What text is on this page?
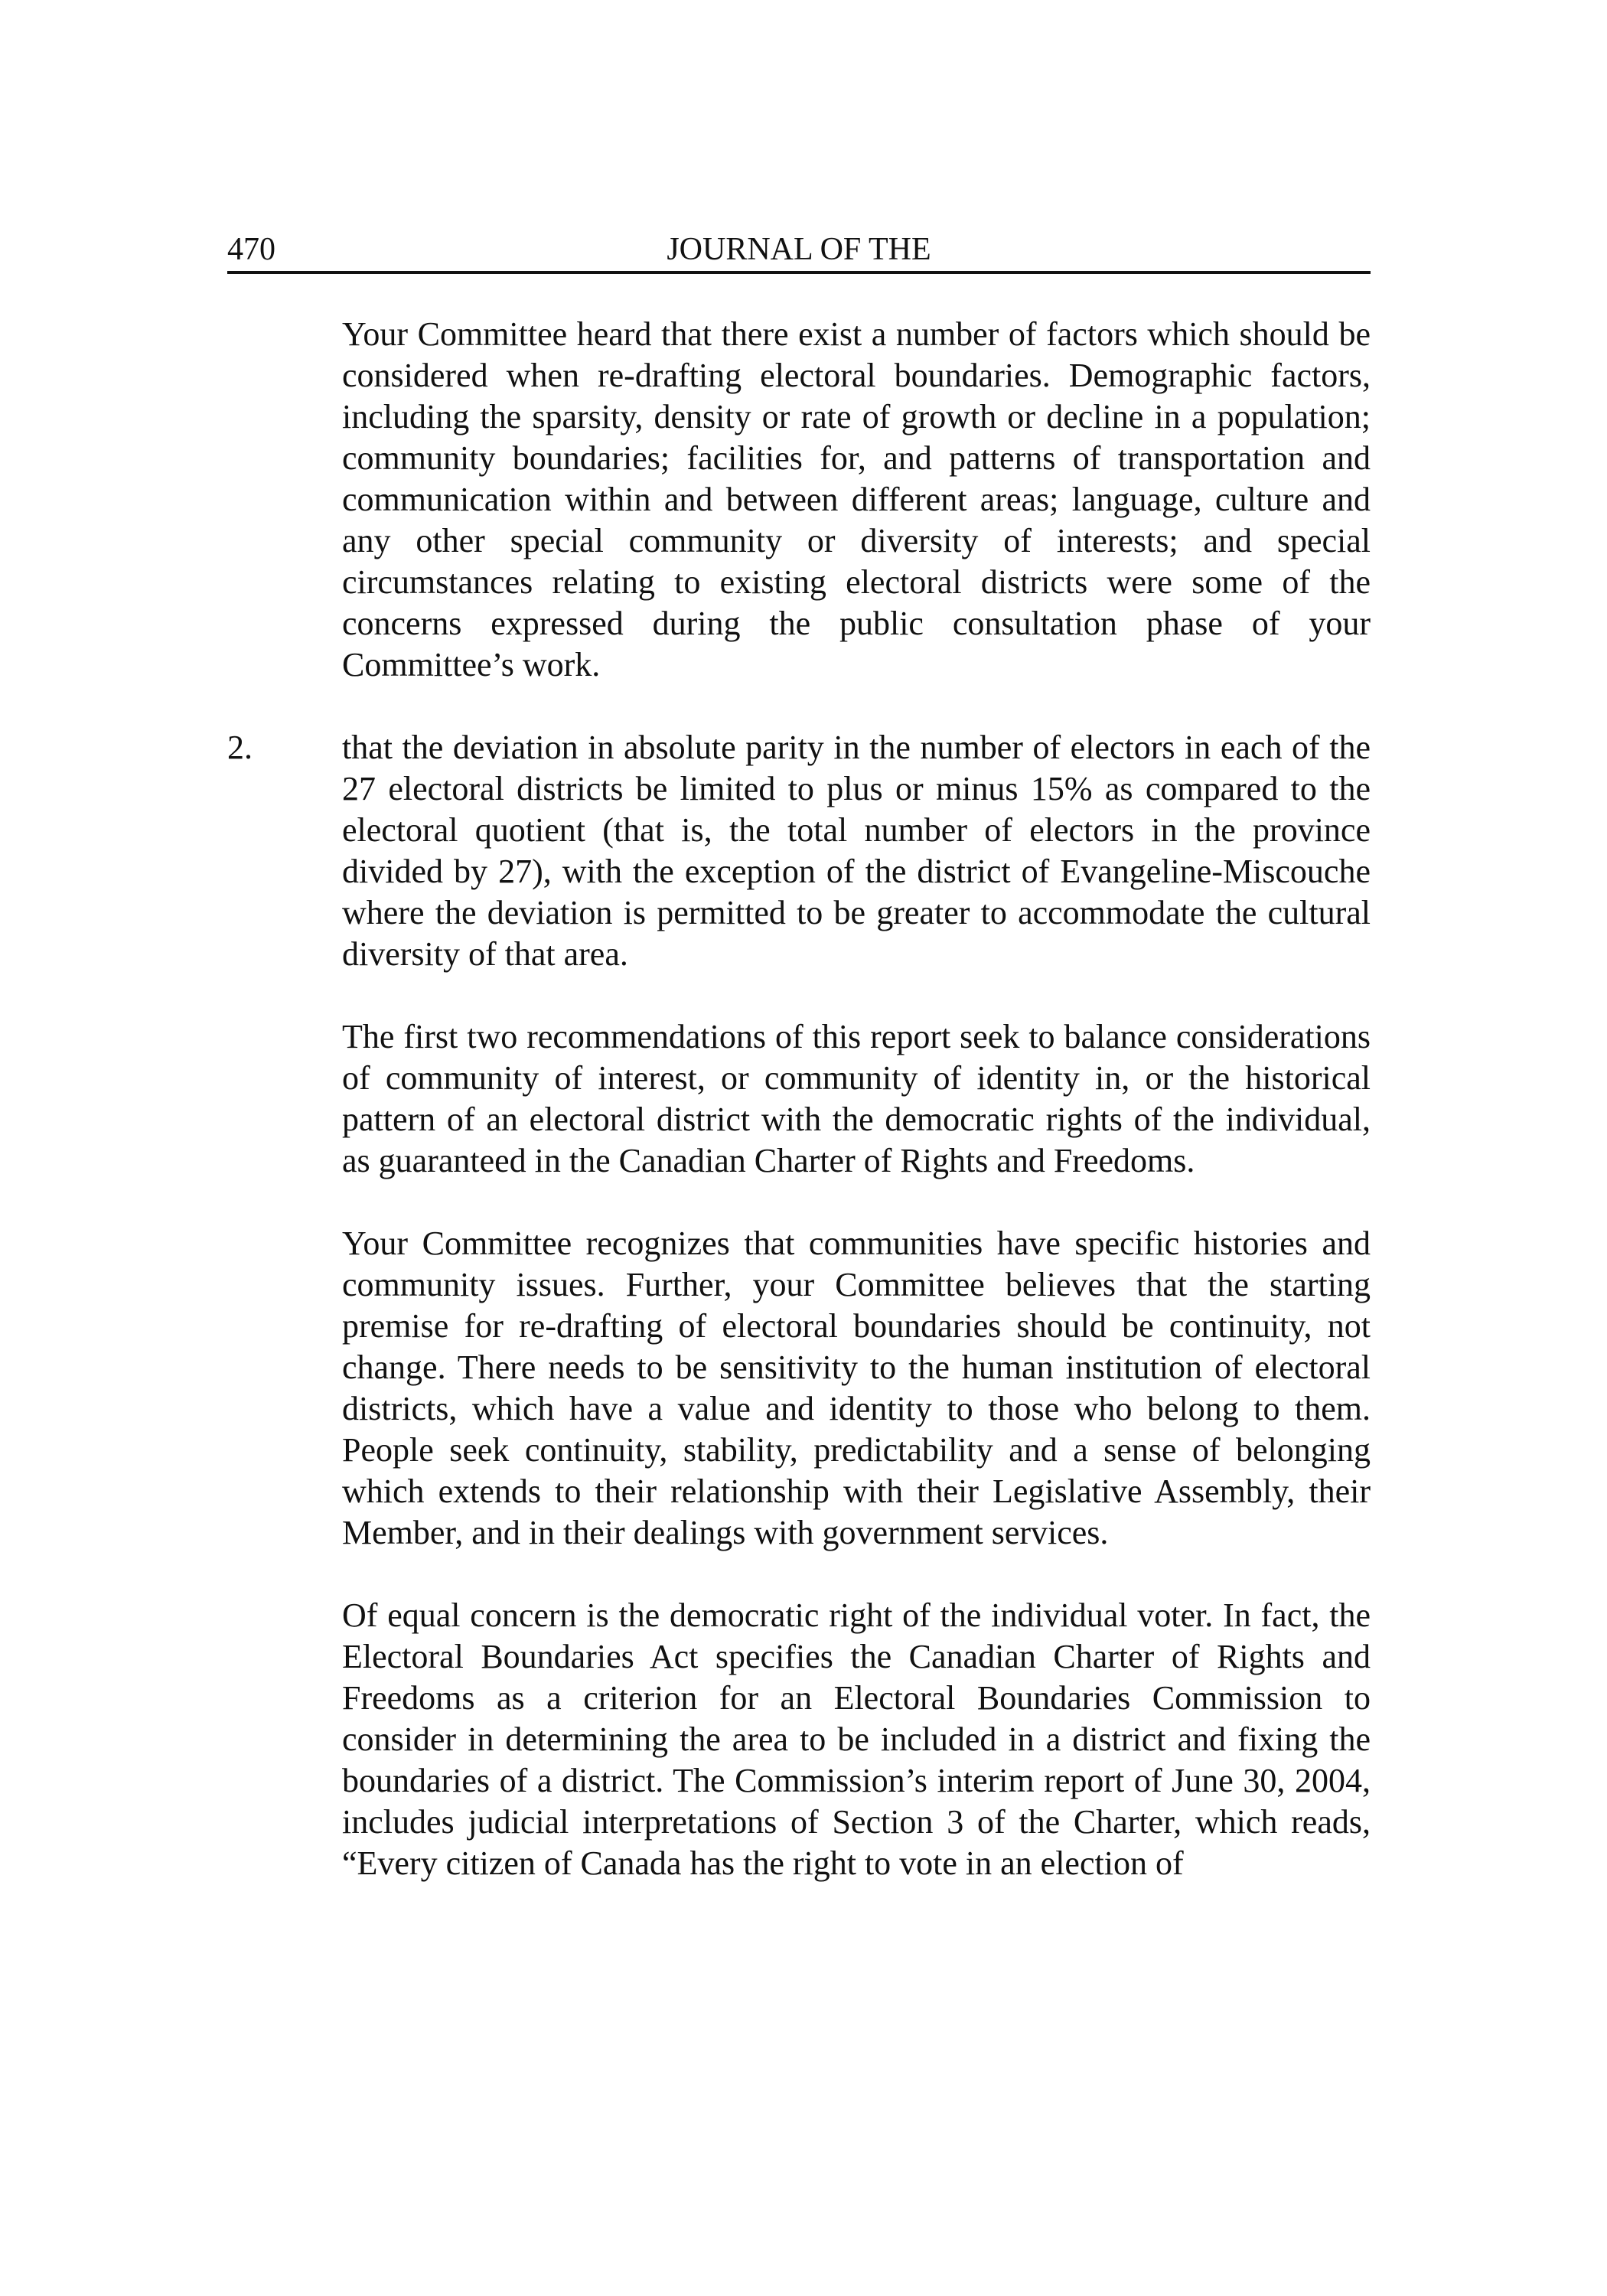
470	JOURNAL OF THE

Your Committee heard that there exist a number of factors which should be considered when re-drafting electoral boundaries. Demographic factors, including the sparsity, density or rate of growth or decline in a population; community boundaries; facilities for, and patterns of transportation and communication within and between different areas; language, culture and any other special community or diversity of interests; and special circumstances relating to existing electoral districts were some of the concerns expressed during the public consultation phase of your Committee’s work.

2.	that the deviation in absolute parity in the number of electors in each of the 27 electoral districts be limited to plus or minus 15% as compared to the electoral quotient (that is, the total number of electors in the province divided by 27), with the exception of the district of Evangeline-Miscouche where the deviation is permitted to be greater to accommodate the cultural diversity of that area.

The first two recommendations of this report seek to balance considerations of community of interest, or community of identity in, or the historical pattern of an electoral district with the democratic rights of the individual, as guaranteed in the Canadian Charter of Rights and Freedoms.

Your Committee recognizes that communities have specific histories and community issues. Further, your Committee believes that the starting premise for re-drafting of electoral boundaries should be continuity, not change. There needs to be sensitivity to the human institution of electoral districts, which have a value and identity to those who belong to them. People seek continuity, stability, predictability and a sense of belonging which extends to their relationship with their Legislative Assembly, their Member, and in their dealings with government services.

Of equal concern is the democratic right of the individual voter. In fact, the Electoral Boundaries Act specifies the Canadian Charter of Rights and Freedoms as a criterion for an Electoral Boundaries Commission to consider in determining the area to be included in a district and fixing the boundaries of a district. The Commission’s interim report of June 30, 2004, includes judicial interpretations of Section 3 of the Charter, which reads, “Every citizen of Canada has the right to vote in an election of
